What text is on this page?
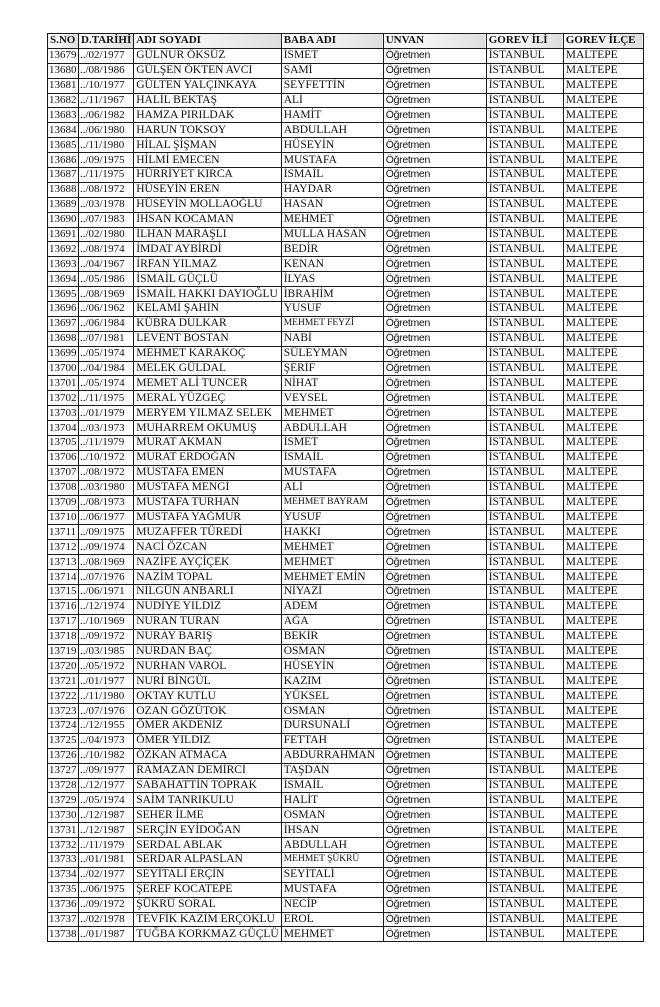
S.NO	D.TARİHİ	ADI SOYADI	BABA ADI	UNVAN	GOREV İLİ	GOREV İLÇE
13679	../02/1977	GÜLNUR ÖKSÜZ	İSMET	Öğretmen	İSTANBUL	MALTEPE
13680	../08/1986	GÜLŞEN ÖKTEN AVCI	SAMİ	Öğretmen	İSTANBUL	MALTEPE
13681	../10/1977	GÜLTEN YALÇINKAYA	SEYFETTİN	Öğretmen	İSTANBUL	MALTEPE
13682	../11/1967	HALİL BEKTAŞ	ALİ	Öğretmen	İSTANBUL	MALTEPE
13683	../06/1982	HAMZA PIRILDAK	HAMİT	Öğretmen	İSTANBUL	MALTEPE
13684	../06/1980	HARUN TOKSOY	ABDULLAH	Öğretmen	İSTANBUL	MALTEPE
13685	../11/1980	HİLAL ŞİŞMAN	HÜSEYİN	Öğretmen	İSTANBUL	MALTEPE
13686	../09/1975	HİLMİ EMECEN	MUSTAFA	Öğretmen	İSTANBUL	MALTEPE
13687	../11/1975	HÜRRİYET KIRCA	İSMAİL	Öğretmen	İSTANBUL	MALTEPE
13688	../08/1972	HÜSEYİN EREN	HAYDAR	Öğretmen	İSTANBUL	MALTEPE
13689	../03/1978	HÜSEYİN MOLLAOĞLU	HASAN	Öğretmen	İSTANBUL	MALTEPE
13690	../07/1983	İHSAN KOCAMAN	MEHMET	Öğretmen	İSTANBUL	MALTEPE
13691	../02/1980	İLHAN MARAŞLI	MULLA HASAN	Öğretmen	İSTANBUL	MALTEPE
13692	../08/1974	İMDAT AYBİRDİ	BEDİR	Öğretmen	İSTANBUL	MALTEPE
13693	../04/1967	İRFAN YILMAZ	KENAN	Öğretmen	İSTANBUL	MALTEPE
13694	../05/1986	İSMAİL GÜÇLÜ	İLYAS	Öğretmen	İSTANBUL	MALTEPE
13695	../08/1969	İSMAİL HAKKI DAYIOĞLU	İBRAHİM	Öğretmen	İSTANBUL	MALTEPE
13696	../06/1962	KELAMİ ŞAHİN	YUSUF	Öğretmen	İSTANBUL	MALTEPE
13697	../06/1984	KÜBRA DULKAR	MEHMET FEYZİ	Öğretmen	İSTANBUL	MALTEPE
13698	../07/1981	LEVENT BOSTAN	NABİ	Öğretmen	İSTANBUL	MALTEPE
13699	../05/1974	MEHMET KARAKOÇ	SÜLEYMAN	Öğretmen	İSTANBUL	MALTEPE
13700	../04/1984	MELEK GÜLDAL	ŞERİF	Öğretmen	İSTANBUL	MALTEPE
13701	../05/1974	MEMET ALİ TUNCER	NİHAT	Öğretmen	İSTANBUL	MALTEPE
13702	../11/1975	MERAL YÜZGEÇ	VEYSEL	Öğretmen	İSTANBUL	MALTEPE
13703	../01/1979	MERYEM YILMAZ SELEK	MEHMET	Öğretmen	İSTANBUL	MALTEPE
13704	../03/1973	MUHARREM OKUMUŞ	ABDULLAH	Öğretmen	İSTANBUL	MALTEPE
13705	../11/1979	MURAT AKMAN	İSMET	Öğretmen	İSTANBUL	MALTEPE
13706	../10/1972	MURAT ERDOĞAN	İSMAİL	Öğretmen	İSTANBUL	MALTEPE
13707	../08/1972	MUSTAFA EMEN	MUSTAFA	Öğretmen	İSTANBUL	MALTEPE
13708	../03/1980	MUSTAFA MENGİ	ALİ	Öğretmen	İSTANBUL	MALTEPE
13709	../08/1973	MUSTAFA TURHAN	MEHMET BAYRAM	Öğretmen	İSTANBUL	MALTEPE
13710	../06/1977	MUSTAFA YAĞMUR	YUSUF	Öğretmen	İSTANBUL	MALTEPE
13711	../09/1975	MUZAFFER TÜREDİ	HAKKI	Öğretmen	İSTANBUL	MALTEPE
13712	../09/1974	NACİ ÖZCAN	MEHMET	Öğretmen	İSTANBUL	MALTEPE
13713	../08/1969	NAZİFE AYÇİÇEK	MEHMET	Öğretmen	İSTANBUL	MALTEPE
13714	../07/1976	NAZİM TOPAL	MEHMET EMİN	Öğretmen	İSTANBUL	MALTEPE
13715	../06/1971	NİLGÜN ANBARLI	NİYAZİ	Öğretmen	İSTANBUL	MALTEPE
13716	../12/1974	NUDİYE YILDIZ	ADEM	Öğretmen	İSTANBUL	MALTEPE
13717	../10/1969	NURAN TURAN	AĞA	Öğretmen	İSTANBUL	MALTEPE
13718	../09/1972	NURAY BARIŞ	BEKİR	Öğretmen	İSTANBUL	MALTEPE
13719	../03/1985	NURDAN BAÇ	OSMAN	Öğretmen	İSTANBUL	MALTEPE
13720	../05/1972	NURHAN VAROL	HÜSEYİN	Öğretmen	İSTANBUL	MALTEPE
13721	../01/1977	NURİ BİNGÜL	KAZIM	Öğretmen	İSTANBUL	MALTEPE
13722	../11/1980	OKTAY KUTLU	YÜKSEL	Öğretmen	İSTANBUL	MALTEPE
13723	../07/1976	OZAN GÖZÜTOK	OSMAN	Öğretmen	İSTANBUL	MALTEPE
13724	../12/1955	ÖMER AKDENİZ	DURSUNALİ	Öğretmen	İSTANBUL	MALTEPE
13725	../04/1973	ÖMER YILDIZ	FETTAH	Öğretmen	İSTANBUL	MALTEPE
13726	../10/1982	ÖZKAN ATMACA	ABDURRAHMAN	Öğretmen	İSTANBUL	MALTEPE
13727	../09/1977	RAMAZAN DEMİRCİ	TAŞDAN	Öğretmen	İSTANBUL	MALTEPE
13728	../12/1977	SABAHATTİN TOPRAK	İSMAİL	Öğretmen	İSTANBUL	MALTEPE
13729	../05/1974	SAİM TANRIKULU	HALİT	Öğretmen	İSTANBUL	MALTEPE
13730	../12/1987	SEHER İLME	OSMAN	Öğretmen	İSTANBUL	MALTEPE
13731	../12/1987	SERÇİN EYİDOĞAN	İHSAN	Öğretmen	İSTANBUL	MALTEPE
13732	../11/1979	SERDAL ABLAK	ABDULLAH	Öğretmen	İSTANBUL	MALTEPE
13733	../01/1981	SERDAR ALPASLAN	MEHMET ŞÜKRÜ	Öğretmen	İSTANBUL	MALTEPE
13734	../02/1977	SEYİTALİ ERÇİN	SEYİTALİ	Öğretmen	İSTANBUL	MALTEPE
13735	../06/1975	ŞEREF KOCATEPE	MUSTAFA	Öğretmen	İSTANBUL	MALTEPE
13736	../09/1972	ŞÜKRÜ SORAL	NECİP	Öğretmen	İSTANBUL	MALTEPE
13737	../02/1978	TEVFİK KAZIM ERÇOKLU	EROL	Öğretmen	İSTANBUL	MALTEPE
13738	../01/1987	TUĞBA KORKMAZ GÜÇLÜ	MEHMET	Öğretmen	İSTANBUL	MALTEPE
